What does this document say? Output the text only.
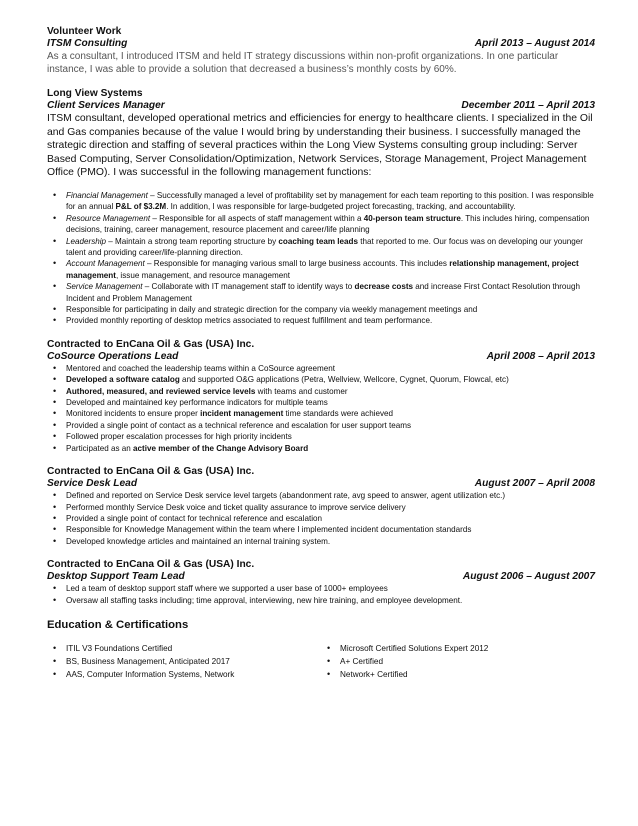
Volunteer Work
ITSM Consulting	April 2013 – August 2014
As a consultant, I introduced ITSM and held IT strategy discussions within non-profit organizations. In one particular instance, I was able to provide a solution that decreased a business’s monthly costs by 60%.
Long View Systems
Client Services Manager	December 2011 – April 2013
ITSM consultant, developed operational metrics and efficiencies for energy to healthcare clients. I specialized in the Oil and Gas companies because of the value I would bring by understanding their business. I successfully managed the strategic direction and staffing of several practices within the Long View Systems consulting group including: Server Based Computing, Server Consolidation/Optimization, Network Services, Storage Management, Project Management Office (PMO). I was successful in the following management functions:
• Financial Management – Successfully managed a level of profitability set by management for each team reporting to this position. I was responsible for an annual P&L of $3.2M. In addition, I was responsible for large-budgeted project forecasting, tracking, and accountability.
• Resource Management – Responsible for all aspects of staff management within a 40-person team structure. This includes hiring, compensation decisions, training, career management, resource placement and career/life planning
• Leadership – Maintain a strong team reporting structure by coaching team leads that reported to me. Our focus was on developing our younger talent and providing career/life-planning direction.
• Account Management – Responsible for managing various small to large business accounts. This includes relationship management, project management, issue management, and resource management
• Service Management – Collaborate with IT management staff to identify ways to decrease costs and increase First Contact Resolution through Incident and Problem Management
• Responsible for participating in daily and strategic direction for the company via weekly management meetings and
• Provided monthly reporting of desktop metrics associated to request fulfillment and team performance.
Contracted to EnCana Oil & Gas (USA) Inc.
CoSource Operations Lead	April 2008 – April 2013
• Mentored and coached the leadership teams within a CoSource agreement
• Developed a software catalog and supported O&G applications (Petra, Wellview, Wellcore, Cygnet, Quorum, Flowcal, etc)
• Authored, measured, and reviewed service levels with teams and customer
• Developed and maintained key performance indicators for multiple teams
• Monitored incidents to ensure proper incident management time standards were achieved
• Provided a single point of contact as a technical reference and escalation for user support teams
• Followed proper escalation processes for high priority incidents
• Participated as an active member of the Change Advisory Board
Contracted to EnCana Oil & Gas (USA) Inc.
Service Desk Lead	August 2007 – April 2008
• Defined and reported on Service Desk service level targets (abandonment rate, avg speed to answer, agent utilization etc.)
• Performed monthly Service Desk voice and ticket quality assurance to improve service delivery
• Provided a single point of contact for technical reference and escalation
• Responsible for Knowledge Management within the team where I implemented incident documentation standards
• Developed knowledge articles and maintained an internal training system.
Contracted to EnCana Oil & Gas (USA) Inc.
Desktop Support Team Lead	August 2006 – August 2007
• Led a team of desktop support staff where we supported a user base of 1000+ employees
• Oversaw all staffing tasks including; time approval, interviewing, new hire training, and employee development.
Education & Certifications
• ITIL V3 Foundations Certified
• BS, Business Management, Anticipated 2017
• AAS, Computer Information Systems, Network
• Microsoft Certified Solutions Expert 2012
• A+ Certified
• Network+ Certified
